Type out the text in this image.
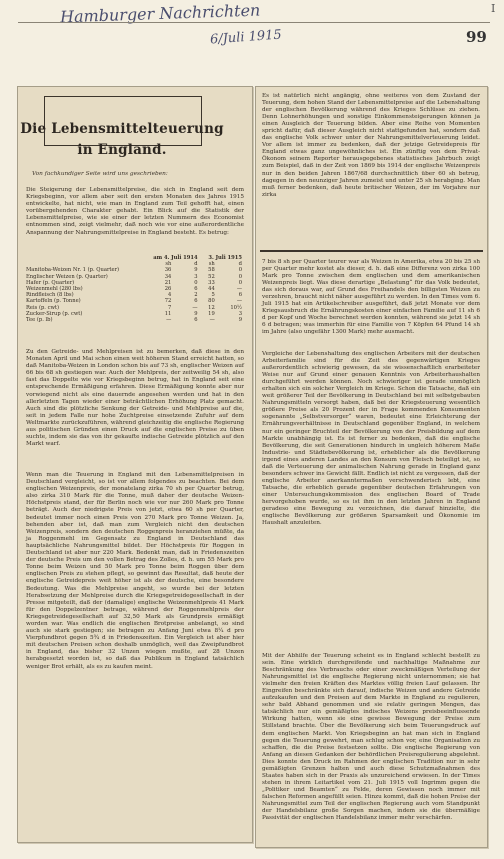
Hamburger Nachrichten	I
6/Juli 1915	99
Die Lebensmittelteuerung
in England.
Von fachkundiger Seite wird uns geschrieben:
Die Steigerung der Lebensmittelpreise, die sich in England seit dem Kriegsbeginn, vor allem aber seit den ersten Monaten des Jahres 1915 entwickelte, hat nicht, wie man in England zum Teil gehofft hat, einen vorübergehenden Charakter gehabt. Ein Blick auf die Statistik der Lebensmittelpreise, wie sie einer der letzten Nummern des Economist entnommen sind, zeigt vielmehr, daß noch wie vor eine außerordentliche Anspannung der Nahrungsmittelpreise in England besteht. Es betrug:
	am 4. Juli 1914		3. Juli 1915	
	sh	d	sh	d
Manitoba-Weizen Nr. 1 (p. Quarter)	36	9	58	0
Englischer Weizen (p. Quarter)	34	3	52	0
Hafer (p. Quarter)	21	0	33	0
Weizenmehl (280 lbs)	26	6	44	—
Rindfleisch (8 lbs)	4	2	5	6
Kartoffeln (p. Tonne)	72	6	80	—
Reis (p. cwt)	7	—	12	10½
Zucker-Sirup (p. cwt)	11	9	19	3
Tee (p. lb)	—	6	—	9
Zu den Getreide- und Mehlpreisen ist zu bemerken, daß diese in den Monaten April und Mai schon einen weit höheren Stand erreicht hatten, so daß Manitoba-Weizen in London schon bis auf 73 sh, englischer Weizen auf 66 bis 68 sh gestiegen war. Auch der Mehlpreis, der zeitweilig 54 sh, also fast das Doppelte wie vor Kriegsbeginn betrug, hat in England seit eine entsprechende Ermäßigung erfahren. Diese Ermäßigung konnte aber nur vorwiegend nicht als eine dauernde angesehen werden und hat in den allerletzten Tagen wieder einer beträchtlichen Erhöhung Platz gemacht. Auch sind die plötzliche Senkung der Getreide- und Mehlpreise auf die, seit in jedem Falle nur hohe Zuchtpreise einsetzende Zufuhr auf dem Weltmarkte zurückzuführen, während gleichzeitig die englische Regierung aus politischen Gründen einen Druck auf die englischen Preise zu üben suchte, indem sie das von ihr gekaufte indische Getreide plötzlich auf den Markt warf.
Wenn man die Teuerung in England mit den Lebensmittelpreisen in Deutschland vergleicht, so ist vor allem folgendes zu beachten. Bei dem englischen Weizenpreis, der monatelang zirka 70 sh per Quarter betrug, also zirka 310 Mark für die Tonne, muß daher der deutsche Weizen-Höchstpreis stand, der für Berlin noch wie vor nur 260 Mark pro Tonne beträgt. Auch der niedrigste Preis von jetzt, etwa 60 sh per Quarter, bedeutet immer noch einen Preis von 270 Mark pro Tonne Weizen. Ja, behenden aber ist, daß man zum Vergleich nicht den deutschen Weizenpreis, sondern den deutschen Roggenpreis heranziehen müßte, da ja Roggenmehl im Gegensatz zu England in Deutschland das hauptsächliche Nahrungsmittel bildet. Der Höchstpreis für Roggen in Deutschland ist aber nur 220 Mark. Bedenkt man, daß in Friedenszeiten der deutsche Preis um den vollen Betrag des Zolles, d. h. um 55 Mark pro Tonne beim Weizen und 50 Mark pro Tonne beim Roggen über dem englischen Preis zu stehen pflegt, so gewinnt das Resultat, daß heute der englische Getreidepreis weit höher ist als der deutsche, eine besondere Bedeutung. Was die Mehlpreise angeht, so wurde bei der letzten Herabsetzung der Mehlpreise durch die Kriegsgetreidegesellschaft in der Presse mitgeteilt, daß der (damalige) englische Weizenmehlpreis 41 Mark für den Doppelzentner betrage, während der Roggenmehlpreis der Kriegsgetreidegesellschaft auf 32,50 Mark als Grundpreis ermäßigt worden war. Was endlich die englischen Brotpreise anbelangt, so sind auch sie stark gestiegen; sie betragen zu Anfang Juni etwa 8¼ d pro Vierpfundbrot gegen 5¾ d in Friedenszeiten. Ein Vergleich ist aber hier mit deutschen Preisen schon deshalb unmöglich, weil das Zweipfundbrot in England, das bisher 32 Unzen wiegen mußte, auf 28 Unzen herabgesetzt worden ist, so daß das Publikum in England tatsächlich weniger Brot erhält, als es zu kaufen meint.
Es ist natürlich nicht angängig, ohne weiteres von dem Zustand der Teuerung, dem hohen Stand der Lebensmittelpreise auf die Lebenshaltung der englischen Bevölkerung während des Krieges Schlüsse zu ziehen. Denn Lohnerhöhungen und sonstige Einkommensteigerungen können ja einen Ausgleich der Teuerung bilden. Aber eine Reihe von Momenten spricht dafür, daß dieser Ausgleich nicht stattgefunden hat, sondern daß das englische Volk schwer unter der Nahrungsmittelverteuerung leidet. Vor allem ist immer zu bedenken, daß der jetzige Getreidepreis für England etwas ganz ungewöhnliches ist. Ein zünftig von dem Privat-Ökonom seinem Reporter herausgegebenes statistisches Jahrbuch zeigt zum Beispiel, daß in der Zeit von 1869 bis 1914 der englische Weizenpreis nur in den beiden Jahren 1867/68 durchschnittlich über 60 sh betrug, dagegen in den neunziger Jahren zumeist und unter 25 sh herabging. Man muß ferner bedenken, daß heute britischer Weizen, der im Vorjahre nur zirka
7 bis 8 sh per Quarter teurer war als Weizen in Amerika, etwa 20 bis 25 sh per Quarter mehr kostet als dieser, d. h. daß eine Differenz von zirka 100 Mark pro Tonne zwischen dem englischen und dem amerikanischen Weizenpreis liegt. Was diese derartige „Belastung“ für das Volk bedeutet, das sich doraus war, auf Grund des Freihandels den billigsten Weizen zu verzehren, braucht nicht näher ausgeführt zu werden. In den Times vom 6. Juli 1915 hat ein Artikelschreiber ausgeführt, daß jetzt Monate vor dem Kriegsausbruch die Ernährungskosten einer einfachen Familie auf 11 sh 6 d per Kopf und Woche berechnet werden konnten, während sie jetzt 14 sh 6 d betragen; was immerhin für eine Familie von 7 Köpfen 64 Pfund 14 sh im Jahre (also ungefähr 1300 Mark) mehr ausmacht.
Vergleiche der Lebenshaltung des englischen Arbeiters mit der deutschen Arbeiterfamilie sind für die Zeit des gegenwärtigen Krieges außerordentlich schwierig gewesen, da sie wissenschaftlich erarbeiteter Weise nur auf Grund einer genauen Kenntnis von Arbeiterhaushalten durchgeführt werden können. Noch schwieriger ist gerade unmöglich erhalten sich ein solcher Vergleich im Kriege. Schon die Tatsache, daß ein weit größerer Teil der Bevölkerung in Deutschland bei mit selbstgebauten Nahrungsmitteln versorgt haben, daß bei der Kriegsteuerung wesentlich größere Preise als 20 Prozent der in Frage kommenden Konsumenten sogenannte „Selbstversorger“ waren, bedeutet eine Erleichterung der Ernährungsverhältnisse in Deutschland gegenüber England, in welchem nur ein geringer Bruchteil der Bevölkerung von der Preisbildung auf dem Markte unabhängig ist. Es ist ferner zu bedenken, daß die englische Bevölkerung, die seit Generationen hindurch in ungleich höherem Maße Industrie- und Städtebevölkerung ist, erheblicher als die Bevölkerung irgend eines anderen Landes an den Konsum von Fleisch beteiligt ist, so daß die Verteuerung der animalischen Nahrung gerade in England ganz besonders schwer ins Gewicht fällt. Endlich ist nicht zu vergessen, daß der englische Arbeiter anerkanntermaßen verschwenderisch lebt, eine Tatsache, die erheblich gerade gegenüber deutschen Erfahrungen von einer Untersuchungskommission des englischen Board of Trade hervorgehoben wurde, so es ist ihm in den letzten Jahren in England geradeso eine Bewegung zu verzeichnen, die darauf hinzielte, die englische Bevölkerung zur größeren Sparsamkeit und Ökonomie im Haushalt anzuleiten.
Mit der Abhilfe der Teuerung scheint es in England schlecht bestellt zu sein. Eine wirklich durchgreifende und nachhaltige Maßnahme zur Beschränkung des Verbrauchs oder einer zweckmäßigen Verteilung der Nahrungsmittel ist die englische Regierung nicht unternommen; sie hat vielmehr den freien Kräften des Marktes völlig freien Lauf gelassen. Ihr Eingreifen beschränkte sich darauf, indische Weizen und andere Getreide aufzukaufen und den Preisen auf dem Markte in England zu regulieren, sehr bald Abhand genommen und sie relativ geringen Mengen, das tatsächlich nur ein gemäßigtes indisches Weizens preisbeeinflussende Wirkung hatten, wenn sie eine gewisse Bewegung der Preise zum Stillstand brachte. Über die Bevölkerung sich beim Teuerungsdruck auf dem englischen Markt. Von Kriegsbeginn an hat man sich in England gegen die Teuerung gewehrt, man schlug schon vor, eine Organisation zu schaffen, die die Preise festsetzen sollte. Die englische Regierung von Anfang an diesen Gedanken der behördlichen Preisregulierung abgelehnt. Dies konnte den Druck im Rahmen der englischen Tradition nur in sehr gemäßigten Grenzen halten und auch diese Schutzmaßnahmen des Staates haben sich in der Praxis als unzureichend erwiesen. In der Times stehen in ihrem Leitartikel vom 21. Juli 1915 voll Ingrimm gegen die „Politiker und Beamten“ zu Felde, deren Gewissen noch immer mit falschen Reformen angefüllt seien. Hinzu kommt, daß die hohen Preise der Nahrungsmittel zum Teil der englischen Regierung auch vom Standpunkt der Handelsbilanz große Sorgen machen, indem sie die übermäßige Passivität der englischen Handelsbilanz immer mehr verschärfen.
